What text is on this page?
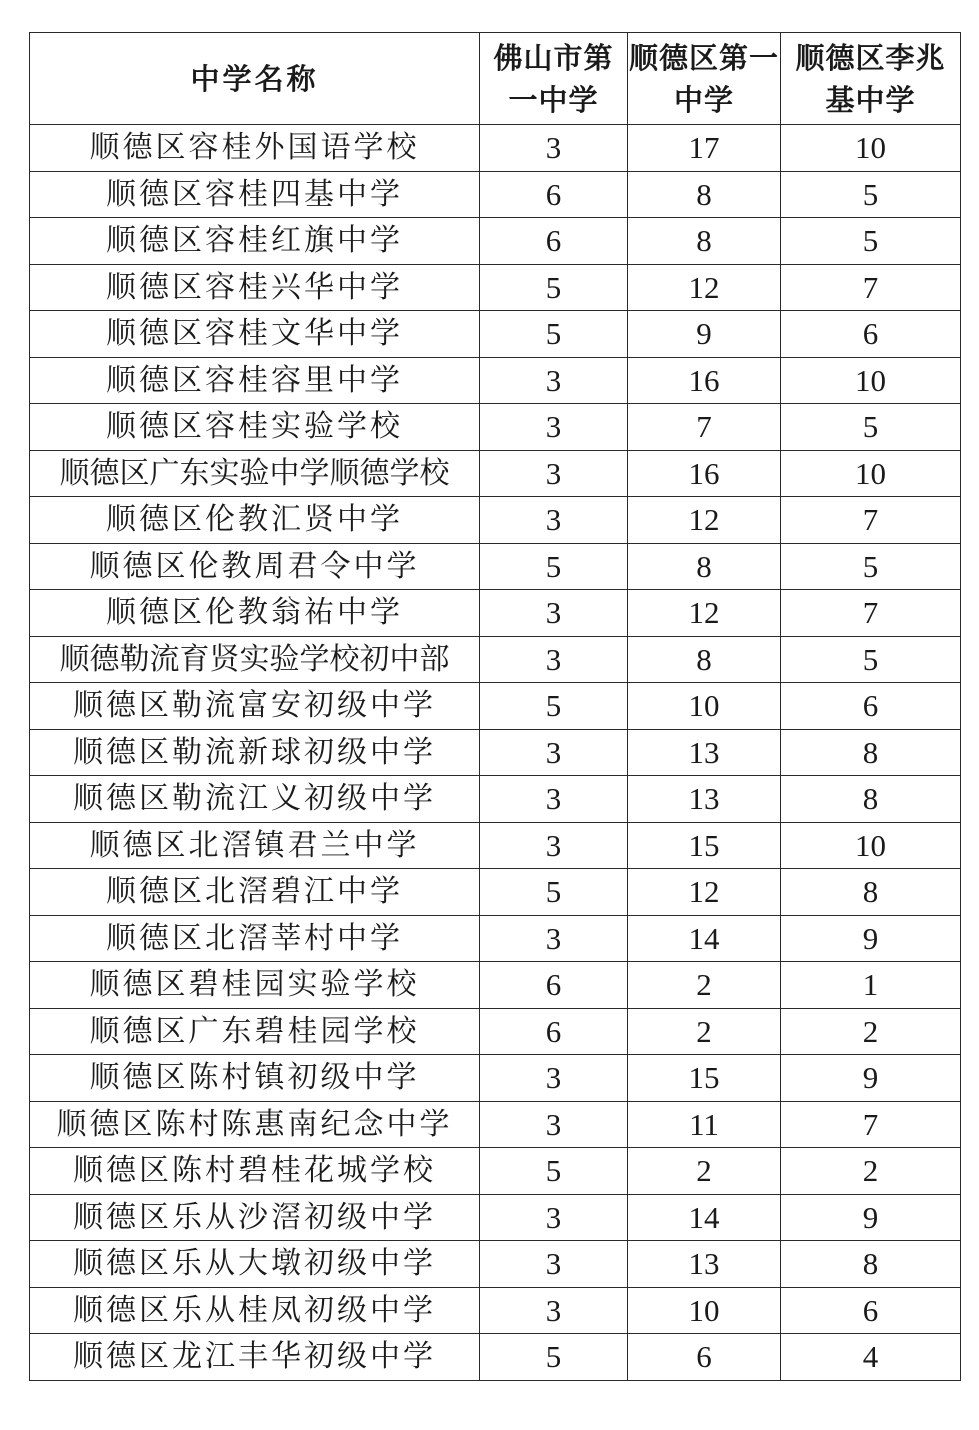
中学名称	佛山市第一中学	顺德区第一中学	顺德区李兆基中学
顺德区容桂外国语学校	3	17	10
顺德区容桂四基中学	6	8	5
顺德区容桂红旗中学	6	8	5
顺德区容桂兴华中学	5	12	7
顺德区容桂文华中学	5	9	6
顺德区容桂容里中学	3	16	10
顺德区容桂实验学校	3	7	5
顺德区广东实验中学顺德学校	3	16	10
顺德区伦教汇贤中学	3	12	7
顺德区伦教周君令中学	5	8	5
顺德区伦教翁祐中学	3	12	7
顺德勒流育贤实验学校初中部	3	8	5
顺德区勒流富安初级中学	5	10	6
顺德区勒流新球初级中学	3	13	8
顺德区勒流江义初级中学	3	13	8
顺德区北滘镇君兰中学	3	15	10
顺德区北滘碧江中学	5	12	8
顺德区北滘莘村中学	3	14	9
顺德区碧桂园实验学校	6	2	1
顺德区广东碧桂园学校	6	2	2
顺德区陈村镇初级中学	3	15	9
顺德区陈村陈惠南纪念中学	3	11	7
顺德区陈村碧桂花城学校	5	2	2
顺德区乐从沙滘初级中学	3	14	9
顺德区乐从大墩初级中学	3	13	8
顺德区乐从桂凤初级中学	3	10	6
顺德区龙江丰华初级中学	5	6	4
